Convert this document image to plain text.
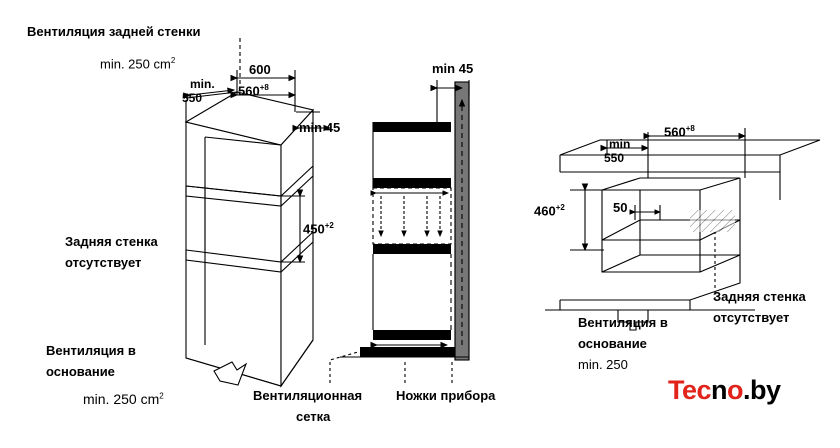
Вентиляция задней стенки
min. 250 $cm^2$
min.
550
600
$560^{+8}$
min 45
$450^{+2}$
Задняя стенка
отсутствует
Вентиляция в
основание
min. 250 $cm^2$
min 45
Вентиляционная
сетка
Ножки прибора
min
550
$560^{+8}$
$460^{+2}$	50
Вентиляция в
основание
min. 250
Задняя стенка
отсутствует
Tecno.by
